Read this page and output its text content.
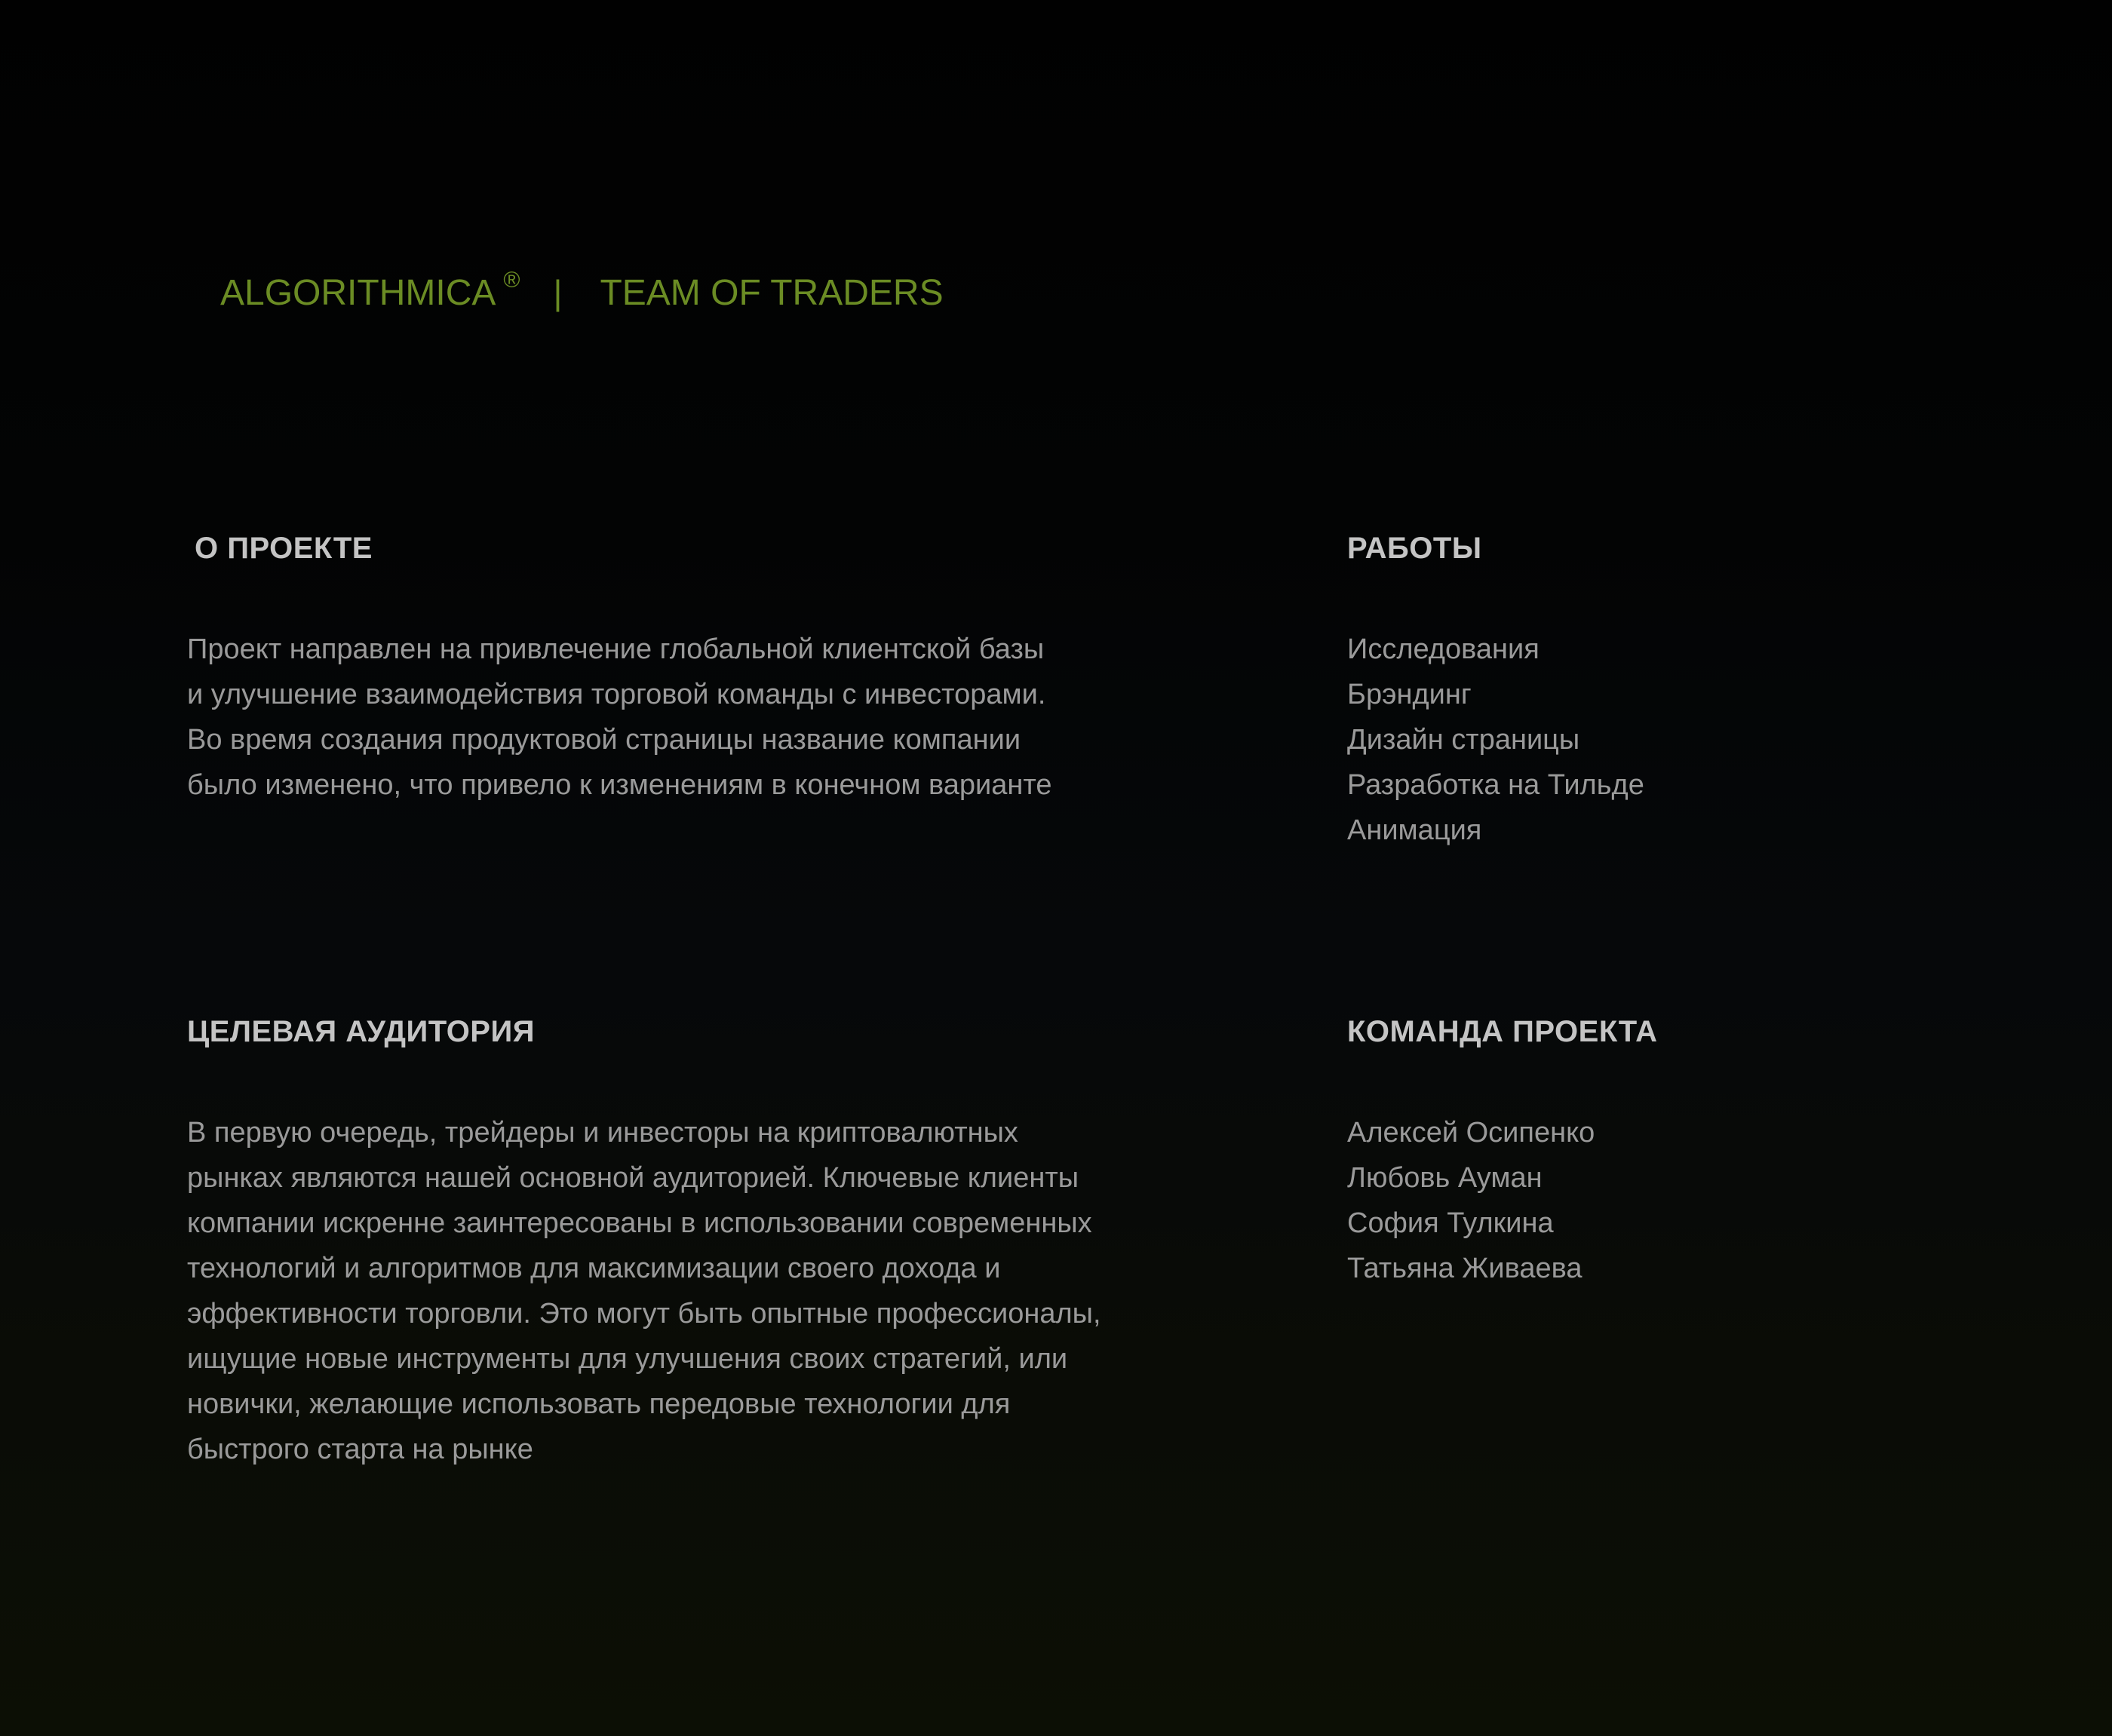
ALGORITHMICA ® | TEAM OF TRADERS
О ПРОЕКТЕ

Проект направлен на привлечение глобальной клиентской базы

и улучшение взаимодействия торговой команды с инвесторами.

Во время создания продуктовой страницы название компании

было изменено, что привело к изменениям в конечном варианте

РАБОТЫ
Исследования
Брэндинг
Дизайн страницы
Разработка на Тильде
Анимация
ЦЕЛЕВАЯ АУДИТОРИЯ

В первую очередь, трейдеры и инвесторы на криптовалютных

рынках являются нашей основной аудиторией. Ключевые клиенты

компании искренне заинтересованы в использовании современных

технологий и алгоритмов для максимизации своего дохода и

эффективности торговли. Это могут быть опытные профессионалы,

ищущие новые инструменты для улучшения своих стратегий, или

новички, желающие использовать передовые технологии для

быстрого старта на рынке

КОМАНДА ПРОЕКТА
Алексей Осипенко
Любовь Ауман
София Тулкина
Татьяна Живаева
